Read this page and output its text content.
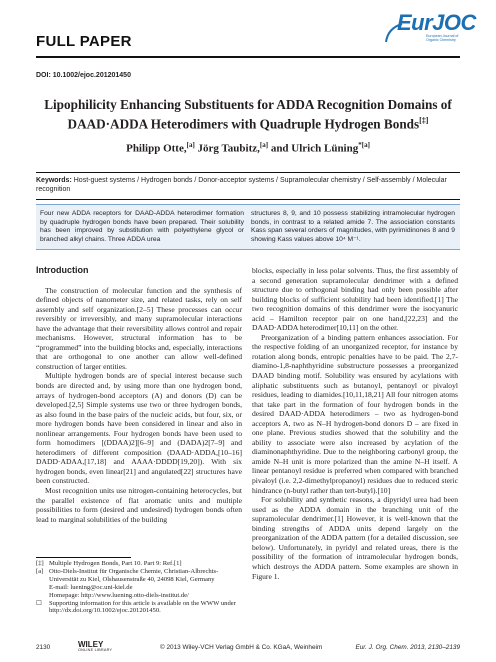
FULL PAPER
EurJOC
European Journal of Organic Chemistry
DOI: 10.1002/ejoc.201201450
Lipophilicity Enhancing Substituents for ADDA Recognition Domains of
DAAD·ADDA Heterodimers with Quadruple Hydrogen Bonds[‡]
Philipp Otte,[a] Jörg Taubitz,[a] and Ulrich Lüning$^{*[a]}$
Keywords: Host-guest systems / Hydrogen bonds / Donor-acceptor systems / Supramolecular chemistry / Self-assembly / Molecular recognition
Four new ADDA receptors for DAAD-ADDA heterodimer formation by quadruple hydrogen bonds have been prepared. Their solubility has been improved by substitution with polyethylene glycol or branched alkyl chains. Three ADDA urea
structures 8, 9, and 10 possess stabilizing intramolecular hydrogen bonds, in contrast to a related amide 7. The association constants Kass span several orders of magnitudes, with pyrimidinones 8 and 9 showing Kass values above 10⁴ M⁻¹.
Introduction

The construction of molecular function and the synthesis of defined objects of nanometer size, and related tasks, rely on self assembly and self organization.[2–5] These processes can occur reversibly or irreversibly, and many supramolecular interactions have the advantage that their reversibility allows control and repair mechanisms. However, structural information has to be “programmed” into the building blocks and, especially, interactions that are orthogonal to one another can allow well-defined construction of larger entities.

Multiple hydrogen bonds are of special interest because such bonds are directed and, by using more than one hydrogen bond, arrays of hydrogen-bond acceptors (A) and donors (D) can be developed.[2,5] Simple systems use two or three hydrogen bonds, as also found in the base pairs of the nucleic acids, but four, six, or more hydrogen bonds have been considered in linear and also in nonlinear arrangements. Four hydrogen bonds have been used to form homodimers [(DDAA)2][6–9] and (DADA)2[7–9] and heterodimers of different composition (DAAD·ADDA,[10–16] DADD·ADAA,[17,18] and AAAA·DDDD[19,20]). With six hydrogen bonds, even linear[21] and angulated[22] structures have been constructed.

Most recognition units use nitrogen-containing heterocycles, but the parallel existence of flat aromatic units and multiple possibilities to form (desired and undesired) hydrogen bonds often lead to marginal solubilities of the building

blocks, especially in less polar solvents. Thus, the first assembly of a second generation supramolecular dendrimer with a defined structure due to orthogonal binding had only been possible after building blocks of sufficient solubility had been identified.[1] The two recognition domains of this dendrimer were the isocyanuric acid – Hamilton receptor pair on one hand,[22,23] and the DAAD·ADDA heterodimer[10,11] on the other.

Preorganization of a binding pattern enhances association. For the respective folding of an unorganized receptor, for instance by rotation along bonds, entropic penalties have to be paid. The 2,7-diamino-1,8-naphthyridine substructure possesses a preorganized DAAD binding motif. Solubility was ensured by acylations with aliphatic substituents such as butanoyl, pentanoyl or pivaloyl residues, leading to diamides.[10,11,18,21] All four nitrogen atoms that take part in the formation of four hydrogen bonds in the desired DAAD·ADDA heterodimers – two as hydrogen-bond acceptors A, two as N–H hydrogen-bond donors D – are fixed in one plane. Previous studies showed that the solubility and the ability to associate were also increased by acylation of the diaminonaphthyridine. Due to the neighboring carbonyl group, the amide N–H unit is more polarized than the amine N–H itself. A linear pentanoyl residue is preferred when compared with branched pivaloyl (i.e. 2,2-dimethylpropanoyl) residues due to reduced steric hindrance (n-butyl rather than tert-butyl).[10]

For solubility and synthetic reasons, a dipyridyl urea had been used as the ADDA domain in the branching unit of the supramolecular dendrimer.[1] However, it is well-known that the binding strengths of ADDA units depend largely on the preorganization of the ADDA pattern (for a detailed discussion, see below). Unfortunately, in pyridyl and related ureas, there is the possibility of the formation of intramolecular hydrogen bonds, which destroys the ADDA pattern. Some examples are shown in Figure 1.

[‡] Multiple Hydrogen Bonds, Part 10. Part 9: Ref.[1]
[a] Otto-Diels-Institut für Organische Chemie, Christian-Albrechts-Universität zu Kiel, Olshausenstraße 40, 24098 Kiel, Germany
E-mail: luening@oc.uni-kiel.de
Homepage: http://www.luening.otto-diels-institut.de/
☐	Supporting information for this article is available on the WWW under http://dx.doi.org/10.1002/ejoc.201201450.
2130	WILEY
ONLINE LIBRARY	© 2013 Wiley-VCH Verlag GmbH & Co. KGaA, Weinheim	Eur. J. Org. Chem. 2013, 2130–2139
